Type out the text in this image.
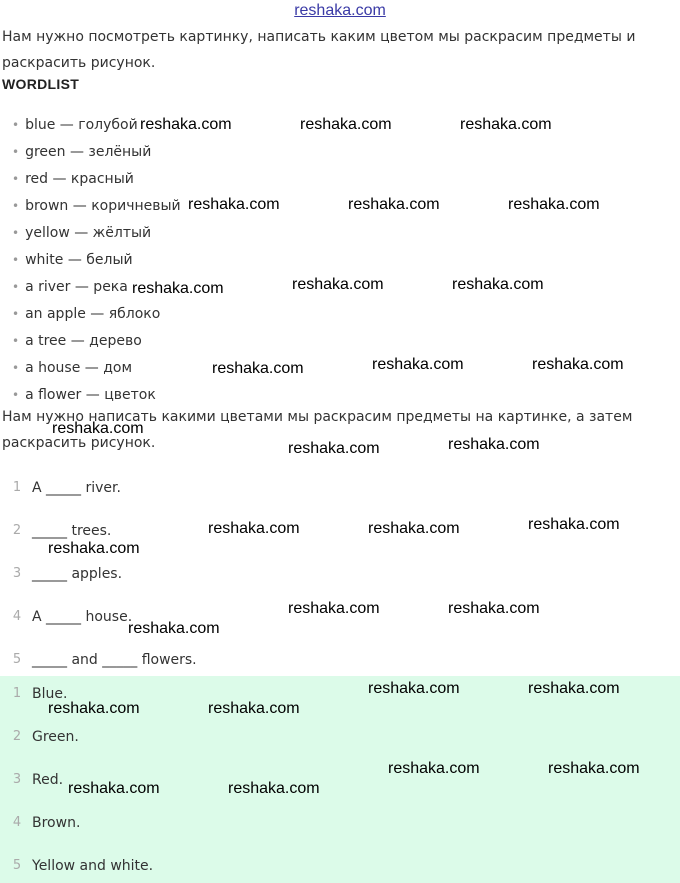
reshaka.com
Нам нужно посмотреть картинку, написать каким цветом мы раскрасим предметы и раскрасить рисунок.
WORDLIST
• blue — голубой
• green — зелёный
• red — красный
• brown — коричневый
• yellow — жёлтый
• white — белый
• a river — река
• an apple — яблоко
• a tree — дерево
• a house — дом
• a flower — цветок
Нам нужно написать какими цветами мы раскрасим предметы на картинке, а затем раскрасить рисунок.
1 A _____ river.
2 _____ trees.
3 _____ apples.
4 A _____ house.
5 _____ and _____ flowers.
1 Blue.
2 Green.
3 Red.
4 Brown.
5 Yellow and white.
reshaka.com	reshaka.com	reshaka.com
reshaka.com	reshaka.com	reshaka.com
reshaka.com	reshaka.com	reshaka.com
reshaka.com	reshaka.com	reshaka.com
reshaka.com
reshaka.com	reshaka.com
reshaka.com	reshaka.com	reshaka.com
reshaka.com
reshaka.com	reshaka.com
reshaka.com
reshaka.com	reshaka.com
reshaka.com	reshaka.com
reshaka.com	reshaka.com
reshaka.com	reshaka.com
